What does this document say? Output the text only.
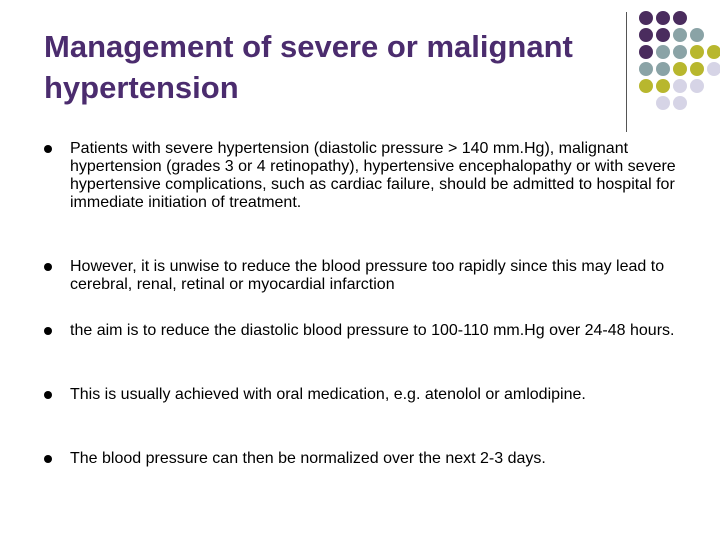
Management of severe or malignant hypertension
Patients with severe hypertension (diastolic pressure > 140 mm.Hg), malignant hypertension (grades 3 or 4 retinopathy), hypertensive encephalopathy or with severe hypertensive complications, such as cardiac failure, should be admitted to hospital for immediate initiation of treatment.
However, it is unwise to reduce the blood pressure too rapidly since this may lead to cerebral, renal, retinal or myocardial infarction
the aim is to reduce the diastolic blood pressure to 100-110 mm.Hg over 24-48 hours.
This is usually achieved with oral medication, e.g. atenolol or amlodipine.
The blood pressure can then be normalized over the next 2-3 days.
